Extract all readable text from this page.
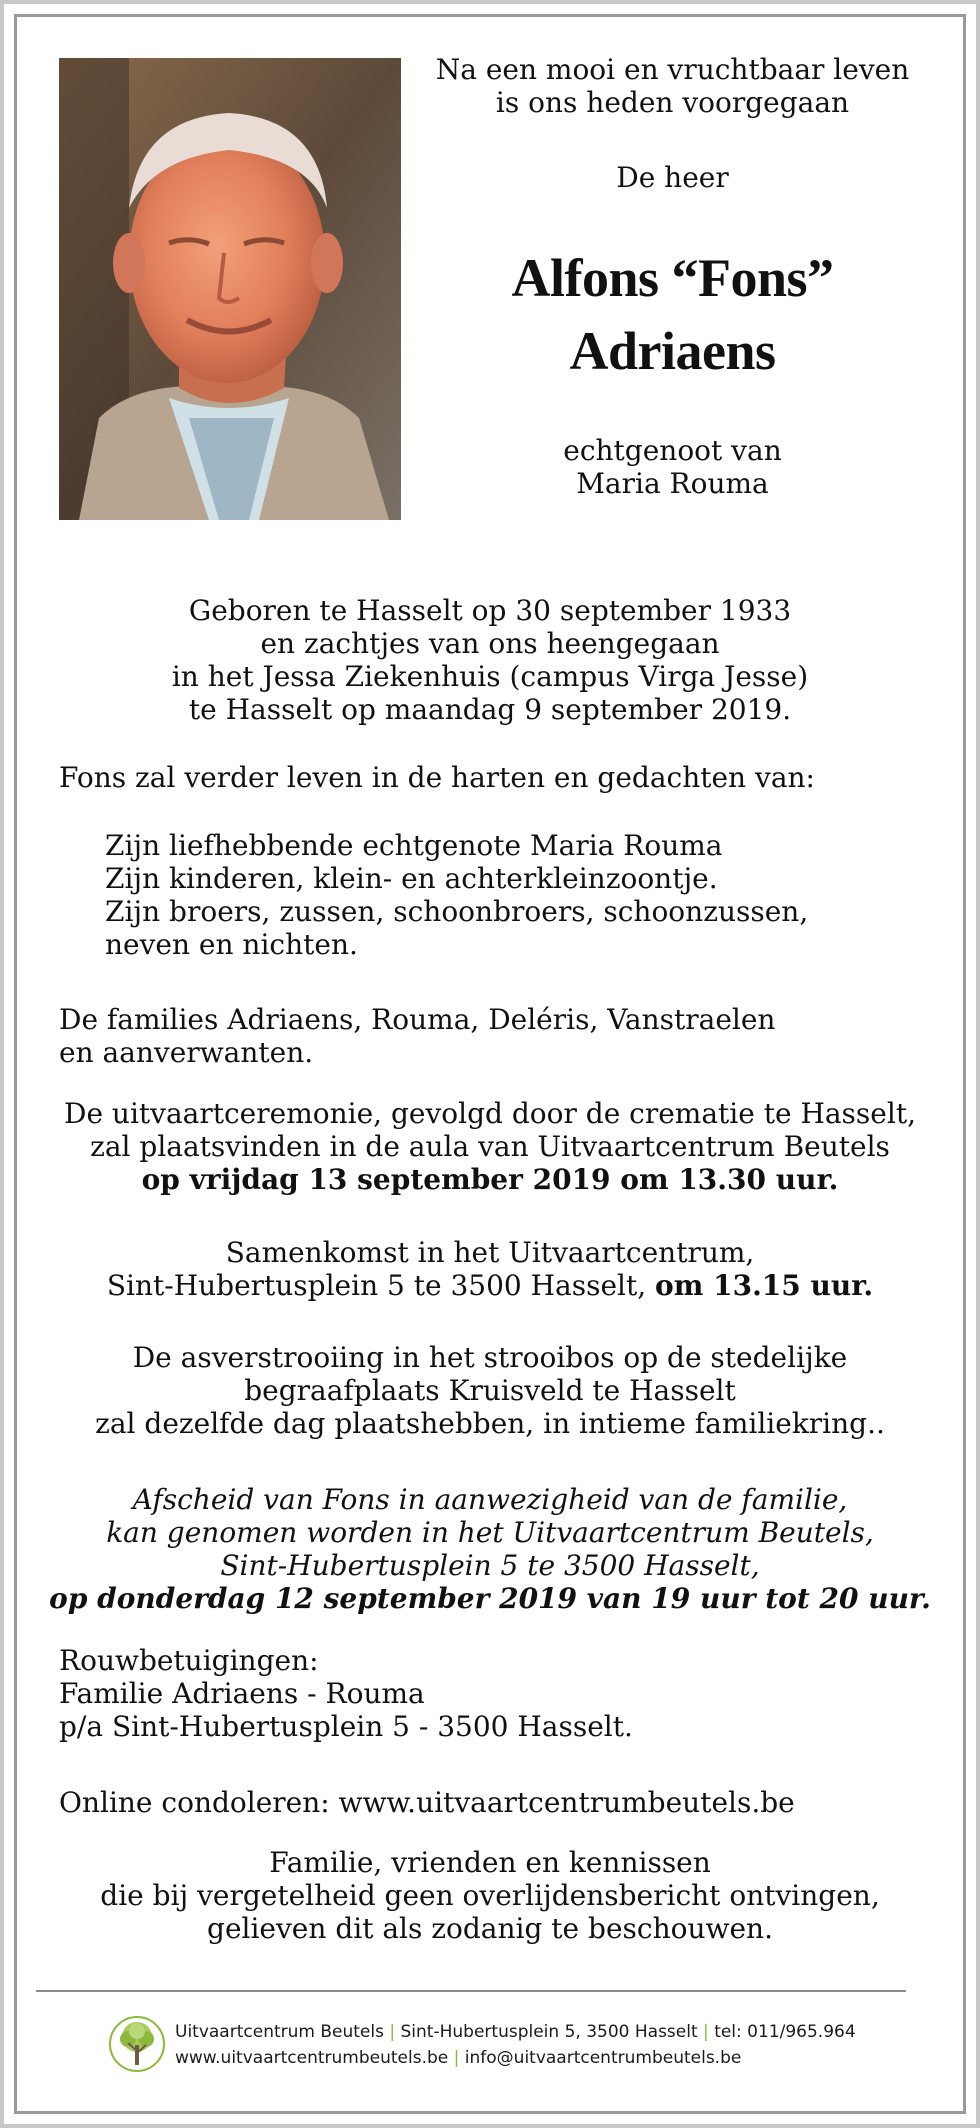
Na een mooi en vruchtbaar leven
is ons heden voorgegaan
De heer
Alfons “Fons”
Adriaens
echtgenoot van
Maria Rouma
Geboren te Hasselt op 30 september 1933
en zachtjes van ons heengegaan
in het Jessa Ziekenhuis (campus Virga Jesse)
te Hasselt op maandag 9 september 2019.
Fons zal verder leven in de harten en gedachten van:
Zijn liefhebbende echtgenote Maria Rouma
Zijn kinderen, klein- en achterkleinzoontje.
Zijn broers, zussen, schoonbroers, schoonzussen,
neven en nichten.
De families Adriaens, Rouma, Deléris, Vanstraelen
en aanverwanten.
De uitvaartceremonie, gevolgd door de crematie te Hasselt,
zal plaatsvinden in de aula van Uitvaartcentrum Beutels
op vrijdag 13 september 2019 om 13.30 uur.
Samenkomst in het Uitvaartcentrum,
Sint-Hubertusplein 5 te 3500 Hasselt, om 13.15 uur.
De asverstrooiing in het strooibos op de stedelijke
begraafplaats Kruisveld te Hasselt
zal dezelfde dag plaatshebben, in intieme familiekring..
Afscheid van Fons in aanwezigheid van de familie,
kan genomen worden in het Uitvaartcentrum Beutels,
Sint-Hubertusplein 5 te 3500 Hasselt,
op donderdag 12 september 2019 van 19 uur tot 20 uur.
Rouwbetuigingen:
Familie Adriaens - Rouma
p/a Sint-Hubertusplein 5 - 3500 Hasselt.
Online condoleren: www.uitvaartcentrumbeutels.be
Familie, vrienden en kennissen
die bij vergetelheid geen overlijdensbericht ontvingen,
gelieven dit als zodanig te beschouwen.
Uitvaartcentrum Beutels | Sint-Hubertusplein 5, 3500 Hasselt | tel: 011/965.964
www.uitvaartcentrumbeutels.be | info@uitvaartcentrumbeutels.be
